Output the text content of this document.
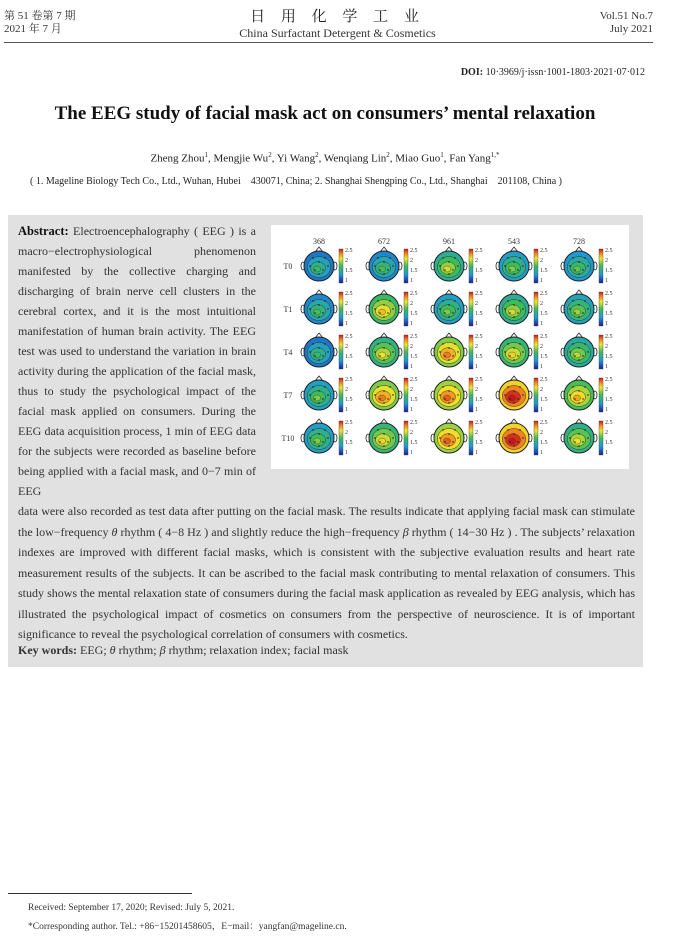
第 51 卷第 7 期
2021 年 7 月
日 用 化 学 工 业
China Surfactant Detergent & Cosmetics
Vol.51 No.7
July 2021
DOI: 10·3969/j·issn·1001-1803·2021·07·012
The EEG study of facial mask act on consumers’ mental relaxation
Zheng Zhou$^1$, Mengjie Wu$^2$, Yi Wang$^2$, Wenqiang Lin$^2$, Miao Guo$^1$, Fan Yang$^{1,*}$
( 1. Mageline Biology Tech Co., Ltd., Wuhan, Hubei　430071, China; 2. Shanghai Shengping Co., Ltd., Shanghai　201108, China )
Abstract: Electroencephalography ( EEG ) is a macro−electrophysiological phenomenon manifested by the collective charging and discharging of brain nerve cell clusters in the cerebral cortex, and it is the most intuitional manifestation of human brain activity. The EEG test was used to understand the variation in brain activity during the application of the facial mask, thus to study the psychological impact of the facial mask applied on consumers. During the EEG data acquisition process, 1 min of EEG data for the subjects were recorded as baseline before being applied with a facial mask, and 0−7 min of EEG
368	672	961	543	728
T0
2.5
2
1.5
1
2.5
2
1.5
1
2.5
2
1.5
1
2.5
2
1.5
1
2.5
2
1.5
1
T1
2.5
2
1.5
1
2.5
2
1.5
1
2.5
2
1.5
1
2.5
2
1.5
1
2.5
2
1.5
1
T4
2.5
2
1.5
1
2.5
2
1.5
1
2.5
2
1.5
1
2.5
2
1.5
1
2.5
2
1.5
1
T7
2.5
2
1.5
1
2.5
2
1.5
1
2.5
2
1.5
1
2.5
2
1.5
1
2.5
2
1.5
1
T10
2.5
2
1.5
1
2.5
2
1.5
1
2.5
2
1.5
1
2.5
2
1.5
1
2.5
2
1.5
1
data were also recorded as test data after putting on the facial mask. The results indicate that applying facial mask can stimulate the low−frequency θ rhythm ( 4−8 Hz ) and slightly reduce the high−frequency β rhythm ( 14−30 Hz ) . The subjects’ relaxation indexes are improved with different facial masks, which is consistent with the subjective evaluation results and heart rate measurement results of the subjects. It can be ascribed to the facial mask contributing to mental relaxation of consumers. This study shows the mental relaxation state of consumers during the facial mask application as revealed by EEG analysis, which has illustrated the psychological impact of cosmetics on consumers from the perspective of neuroscience. It is of important significance to reveal the psychological correlation of consumers with cosmetics.
Key words: EEG; θ rhythm; β rhythm; relaxation index; facial mask
Received: September 17, 2020; Revised: July 5, 2021.
*Corresponding author. Tel.: +86−15201458605，E−mail：yangfan@mageline.cn.
